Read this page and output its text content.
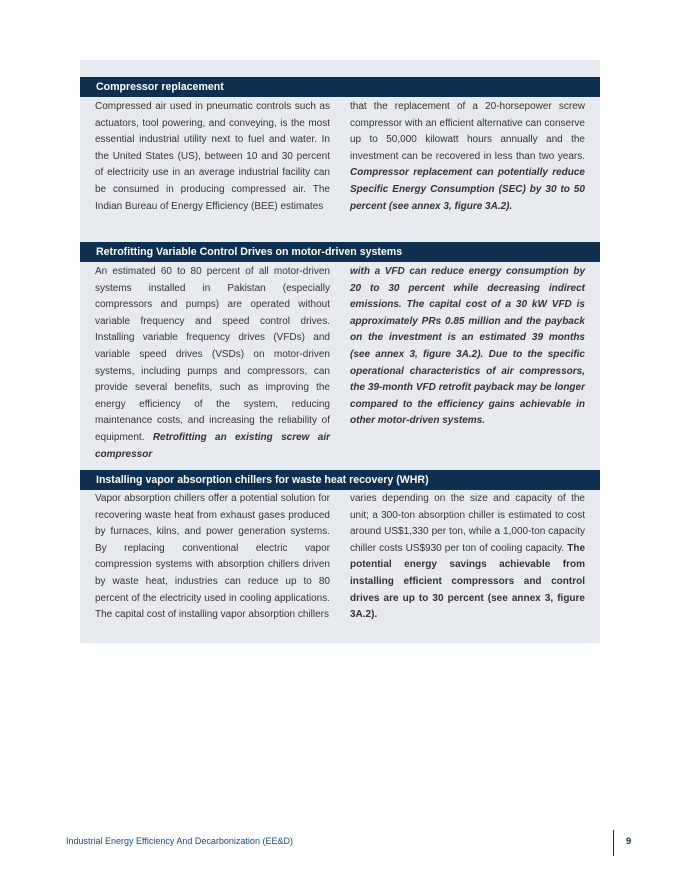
Compressor replacement
Compressed air used in pneumatic controls such as actuators, tool powering, and conveying, is the most essential industrial utility next to fuel and water. In the United States (US), between 10 and 30 percent of electricity use in an average industrial facility can be consumed in producing compressed air. The Indian Bureau of Energy Efficiency (BEE) estimates
that the replacement of a 20-horsepower screw compressor with an efficient alternative can conserve up to 50,000 kilowatt hours annually and the investment can be recovered in less than two years. Compressor replacement can potentially reduce Specific Energy Consumption (SEC) by 30 to 50 percent (see annex 3, figure 3A.2).
Retrofitting Variable Control Drives on motor-driven systems
An estimated 60 to 80 percent of all motor-driven systems installed in Pakistan (especially compressors and pumps) are operated without variable frequency and speed control drives. Installing variable frequency drives (VFDs) and variable speed drives (VSDs) on motor-driven systems, including pumps and compressors, can provide several benefits, such as improving the energy efficiency of the system, reducing maintenance costs, and increasing the reliability of equipment. Retrofitting an existing screw air compressor
with a VFD can reduce energy consumption by 20 to 30 percent while decreasing indirect emissions. The capital cost of a 30 kW VFD is approximately PRs 0.85 million and the payback on the investment is an estimated 39 months (see annex 3, figure 3A.2). Due to the specific operational characteristics of air compressors, the 39-month VFD retrofit payback may be longer compared to the efficiency gains achievable in other motor-driven systems.
Installing vapor absorption chillers for waste heat recovery (WHR)
Vapor absorption chillers offer a potential solution for recovering waste heat from exhaust gases produced by furnaces, kilns, and power generation systems. By replacing conventional electric vapor compression systems with absorption chillers driven by waste heat, industries can reduce up to 80 percent of the electricity used in cooling applications. The capital cost of installing vapor absorption chillers
varies depending on the size and capacity of the unit; a 300-ton absorption chiller is estimated to cost around US$1,330 per ton, while a 1,000-ton capacity chiller costs US$930 per ton of cooling capacity. The potential energy savings achievable from installing efficient compressors and control drives are up to 30 percent (see annex 3, figure 3A.2).
Industrial Energy Efficiency And Decarbonization (EE&D)	9
